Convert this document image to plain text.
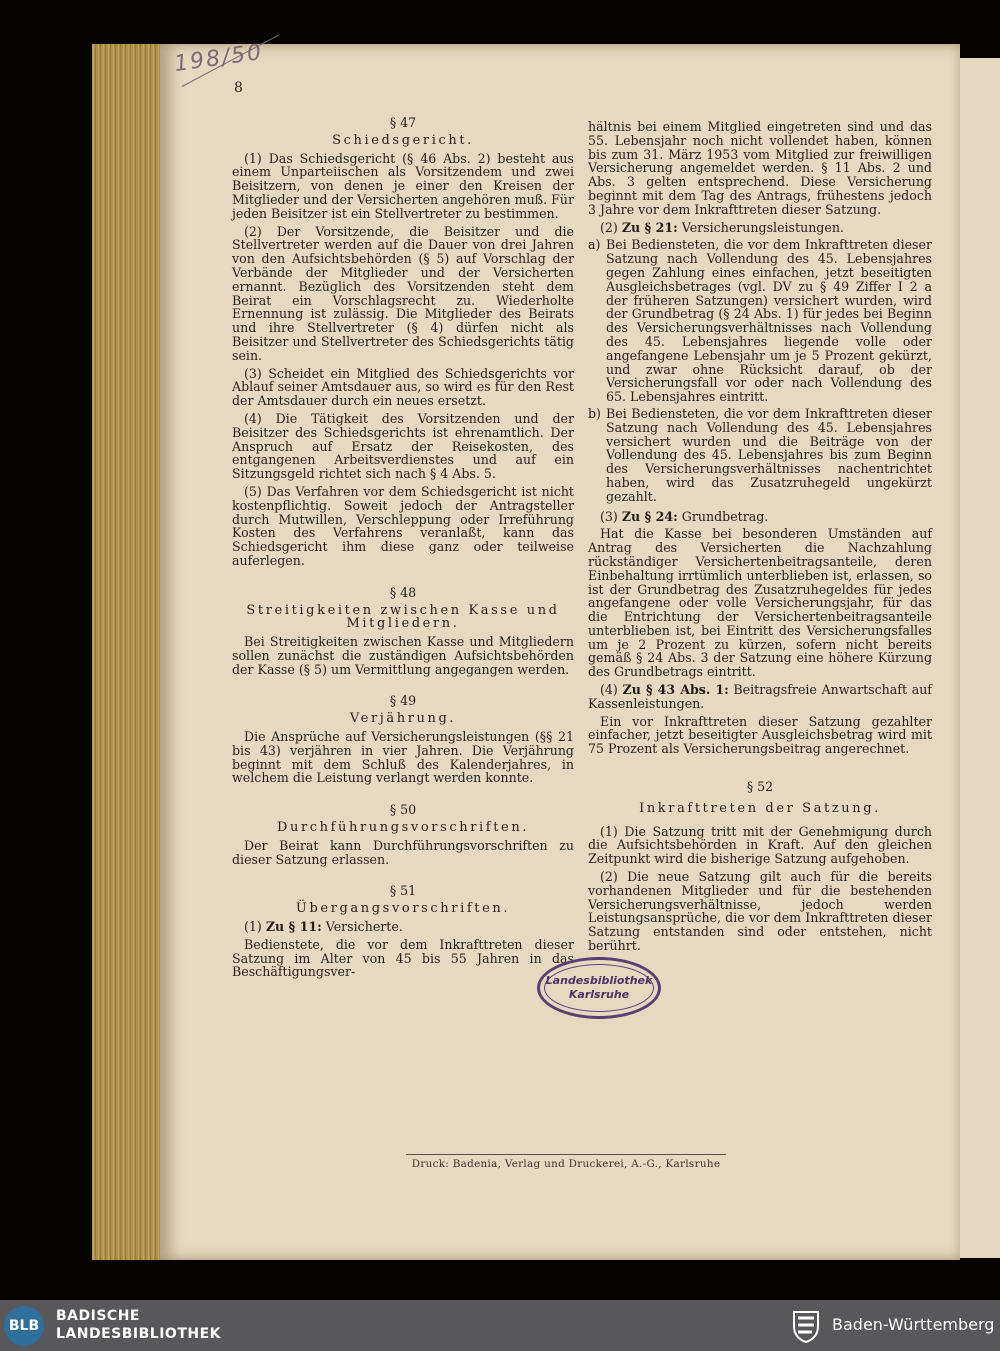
198/50
8

§ 47

Schiedsgericht.

(1) Das Schiedsgericht (§ 46 Abs. 2) besteht aus einem Unparteiischen als Vorsitzendem und zwei Beisitzern, von denen je einer den Kreisen der Mitglieder und der Versicherten angehören muß. Für jeden Beisitzer ist ein Stellvertreter zu bestimmen.

(2) Der Vorsitzende, die Beisitzer und die Stellvertreter werden auf die Dauer von drei Jahren von den Aufsichtsbehörden (§ 5) auf Vorschlag der Verbände der Mitglieder und der Versicherten ernannt. Bezüglich des Vorsitzenden steht dem Beirat ein Vorschlagsrecht zu. Wiederholte Ernennung ist zulässig. Die Mitglieder des Beirats und ihre Stellvertreter (§ 4) dürfen nicht als Beisitzer und Stellvertreter des Schiedsgerichts tätig sein.

(3) Scheidet ein Mitglied des Schiedsgerichts vor Ablauf seiner Amtsdauer aus, so wird es für den Rest der Amtsdauer durch ein neues ersetzt.

(4) Die Tätigkeit des Vorsitzenden und der Beisitzer des Schiedsgerichts ist ehrenamtlich. Der Anspruch auf Ersatz der Reisekosten, des entgangenen Arbeitsverdienstes und auf ein Sitzungsgeld richtet sich nach § 4 Abs. 5.

(5) Das Verfahren vor dem Schiedsgericht ist nicht kostenpflichtig. Soweit jedoch der Antragsteller durch Mutwillen, Verschleppung oder Irreführung Kosten des Verfahrens veranlaßt, kann das Schiedsgericht ihm diese ganz oder teilweise auferlegen.

§ 48

Streitigkeiten zwischen Kasse und Mitgliedern.

Bei Streitigkeiten zwischen Kasse und Mitgliedern sollen zunächst die zuständigen Aufsichtsbehörden der Kasse (§ 5) um Vermittlung angegangen werden.

§ 49

Verjährung.

Die Ansprüche auf Versicherungsleistungen (§§ 21 bis 43) verjähren in vier Jahren. Die Verjährung beginnt mit dem Schluß des Kalenderjahres, in welchem die Leistung verlangt werden konnte.

§ 50

Durchführungsvorschriften.

Der Beirat kann Durchführungsvorschriften zu dieser Satzung erlassen.

§ 51

Übergangsvorschriften.

(1) Zu § 11: Versicherte.

Bedienstete, die vor dem Inkrafttreten dieser Satzung im Alter von 45 bis 55 Jahren in das Beschäftigungsver-

hältnis bei einem Mitglied eingetreten sind und das 55. Lebensjahr noch nicht vollendet haben, können bis zum 31. März 1953 vom Mitglied zur freiwilligen Versicherung angemeldet werden. § 11 Abs. 2 und Abs. 3 gelten entsprechend. Diese Versicherung beginnt mit dem Tag des Antrags, frühestens jedoch 3 Jahre vor dem Inkrafttreten dieser Satzung.

(2) Zu § 21: Versicherungsleistungen.

a) Bei Bediensteten, die vor dem Inkrafttreten dieser Satzung nach Vollendung des 45. Lebensjahres gegen Zahlung eines einfachen, jetzt beseitigten Ausgleichsbetrages (vgl. DV zu § 49 Ziffer I 2 a der früheren Satzungen) versichert wurden, wird der Grundbetrag (§ 24 Abs. 1) für jedes bei Beginn des Versicherungsverhältnisses nach Vollendung des 45. Lebensjahres liegende volle oder angefangene Lebensjahr um je 5 Prozent gekürzt, und zwar ohne Rücksicht darauf, ob der Versicherungsfall vor oder nach Vollendung des 65. Lebensjahres eintritt.
b) Bei Bediensteten, die vor dem Inkrafttreten dieser Satzung nach Vollendung des 45. Lebensjahres versichert wurden und die Beiträge von der Vollendung des 45. Lebensjahres bis zum Beginn des Versicherungsverhältnisses nachentrichtet haben, wird das Zusatzruhegeld ungekürzt gezahlt.

(3) Zu § 24: Grundbetrag.

Hat die Kasse bei besonderen Umständen auf Antrag des Versicherten die Nachzahlung rückständiger Versichertenbeitragsanteile, deren Einbehaltung irrtümlich unterblieben ist, erlassen, so ist der Grundbetrag des Zusatzruhegeldes für jedes angefangene oder volle Versicherungsjahr, für das die Entrichtung der Versichertenbeitragsanteile unterblieben ist, bei Eintritt des Versicherungsfalles um je 2 Prozent zu kürzen, sofern nicht bereits gemäß § 24 Abs. 3 der Satzung eine höhere Kürzung des Grundbetrags eintritt.

(4) Zu § 43 Abs. 1: Beitragsfreie Anwartschaft auf Kassenleistungen.

Ein vor Inkrafttreten dieser Satzung gezahlter einfacher, jetzt beseitigter Ausgleichsbetrag wird mit 75 Prozent als Versicherungsbeitrag angerechnet.

§ 52

Inkrafttreten der Satzung.

(1) Die Satzung tritt mit der Genehmigung durch die Aufsichtsbehörden in Kraft. Auf den gleichen Zeitpunkt wird die bisherige Satzung aufgehoben.

(2) Die neue Satzung gilt auch für die bereits vorhandenen Mitglieder und für die bestehenden Versicherungsverhältnisse, jedoch werden Leistungsansprüche, die vor dem Inkrafttreten dieser Satzung entstanden sind oder entstehen, nicht berührt.

Landesbibliothek
Karlsruhe
Druck: Badenia, Verlag und Druckerei, A.-G., Karlsruhe
BLB
BADISCHE
LANDESBIBLIOTHEK	Baden-Württemberg
